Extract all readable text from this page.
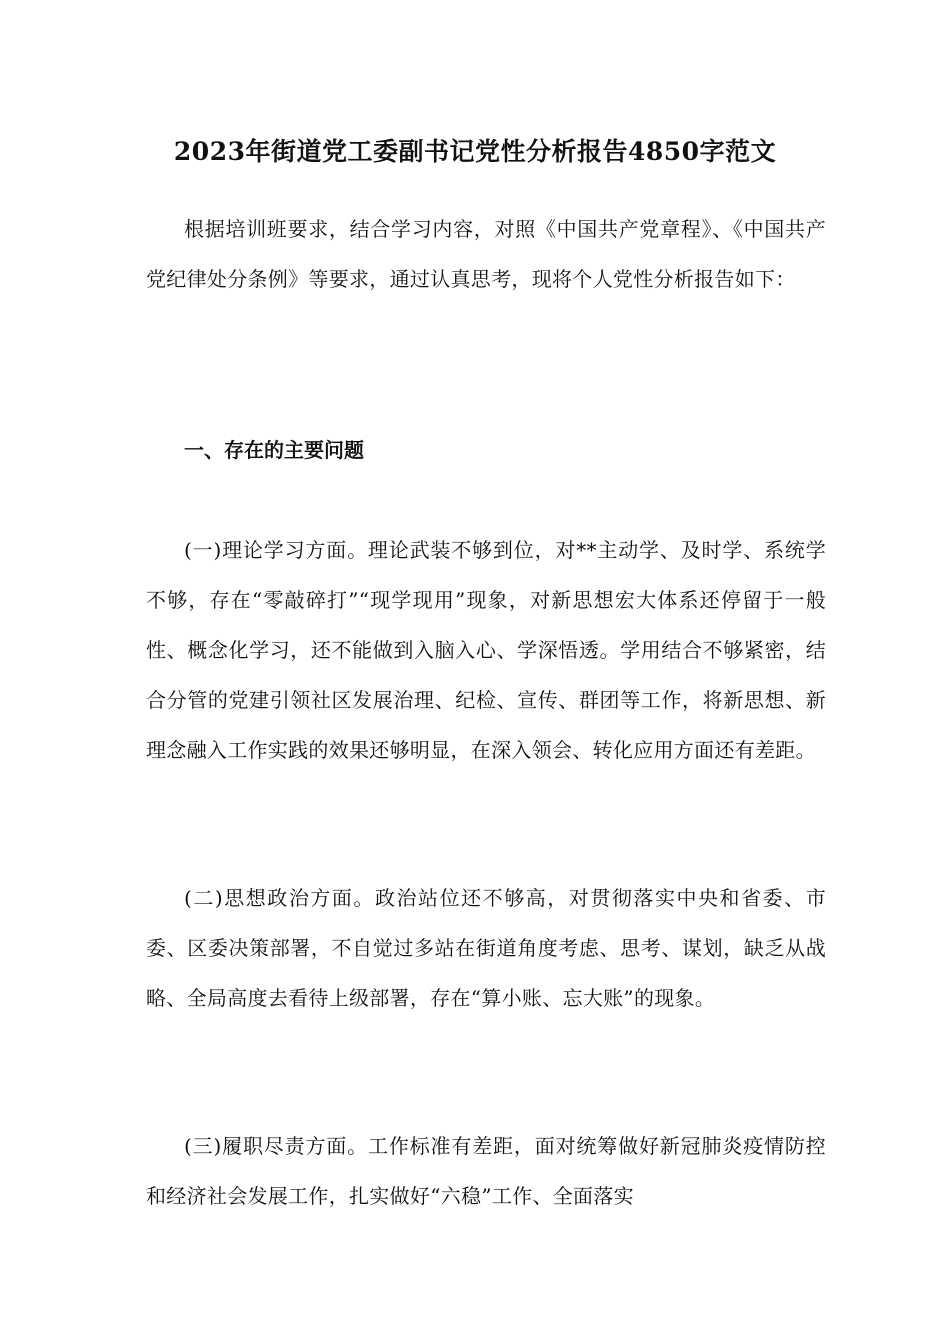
2023年街道党工委副书记党性分析报告4850字范文

根据培训班要求，结合学习内容，对照《中国共产党章程》、《中国共产党纪律处分条例》等要求，通过认真思考，现将个人党性分析报告如下：

一、存在的主要问题

(一)理论学习方面。理论武装不够到位，对**主动学、及时学、系统学不够，存在“零敲碎打”“现学现用”现象，对新思想宏大体系还停留于一般性、概念化学习，还不能做到入脑入心、学深悟透。学用结合不够紧密，结合分管的党建引领社区发展治理、纪检、宣传、群团等工作，将新思想、新理念融入工作实践的效果还够明显，在深入领会、转化应用方面还有差距。

(二)思想政治方面。政治站位还不够高，对贯彻落实中央和省委、市委、区委决策部署，不自觉过多站在街道角度考虑、思考、谋划，缺乏从战略、全局高度去看待上级部署，存在“算小账、忘大账”的现象。

(三)履职尽责方面。工作标准有差距，面对统筹做好新冠肺炎疫情防控和经济社会发展工作，扎实做好“六稳”工作、全面落实
